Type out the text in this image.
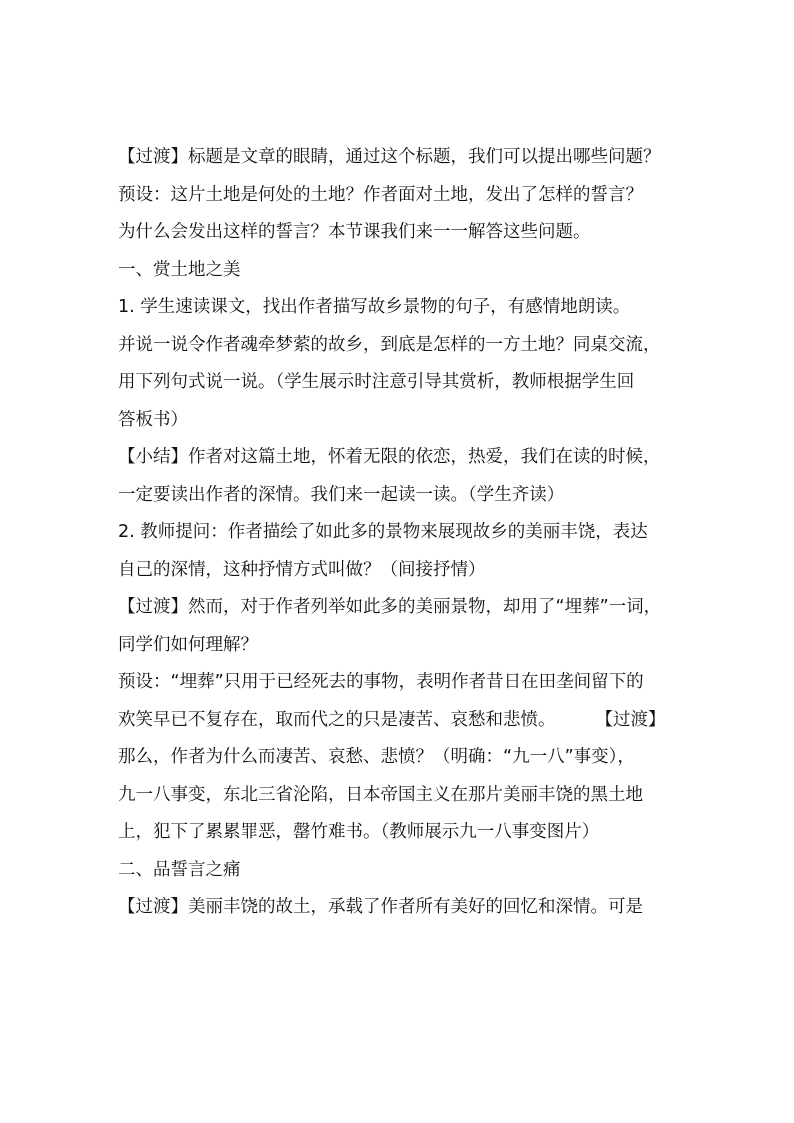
【过渡】标题是文章的眼睛，通过这个标题，我们可以提出哪些问题？
预设：这片土地是何处的土地？作者面对土地，发出了怎样的誓言？
为什么会发出这样的誓言？本节课我们来一一解答这些问题。
一、赏土地之美
1. 学生速读课文，找出作者描写故乡景物的句子，有感情地朗读。
并说一说令作者魂牵梦萦的故乡，到底是怎样的一方土地？同桌交流，
用下列句式说一说。（学生展示时注意引导其赏析，教师根据学生回
答板书）
【小结】作者对这篇土地，怀着无限的依恋，热爱，我们在读的时候，
一定要读出作者的深情。我们来一起读一读。（学生齐读）
2. 教师提问：作者描绘了如此多的景物来展现故乡的美丽丰饶，表达
自己的深情，这种抒情方式叫做？（间接抒情）
【过渡】然而，对于作者列举如此多的美丽景物，却用了“埋葬”一词，
同学们如何理解？
预设：“埋葬”只用于已经死去的事物，表明作者昔日在田垄间留下的
欢笑早已不复存在，取而代之的只是凄苦、哀愁和悲愤。 【过渡】
那么，作者为什么而凄苦、哀愁、悲愤？（明确：“九一八”事变），
九一八事变，东北三省沦陷，日本帝国主义在那片美丽丰饶的黑土地
上，犯下了累累罪恶，罄竹难书。（教师展示九一八事变图片）
二、品誓言之痛
【过渡】美丽丰饶的故土，承载了作者所有美好的回忆和深情。可是
